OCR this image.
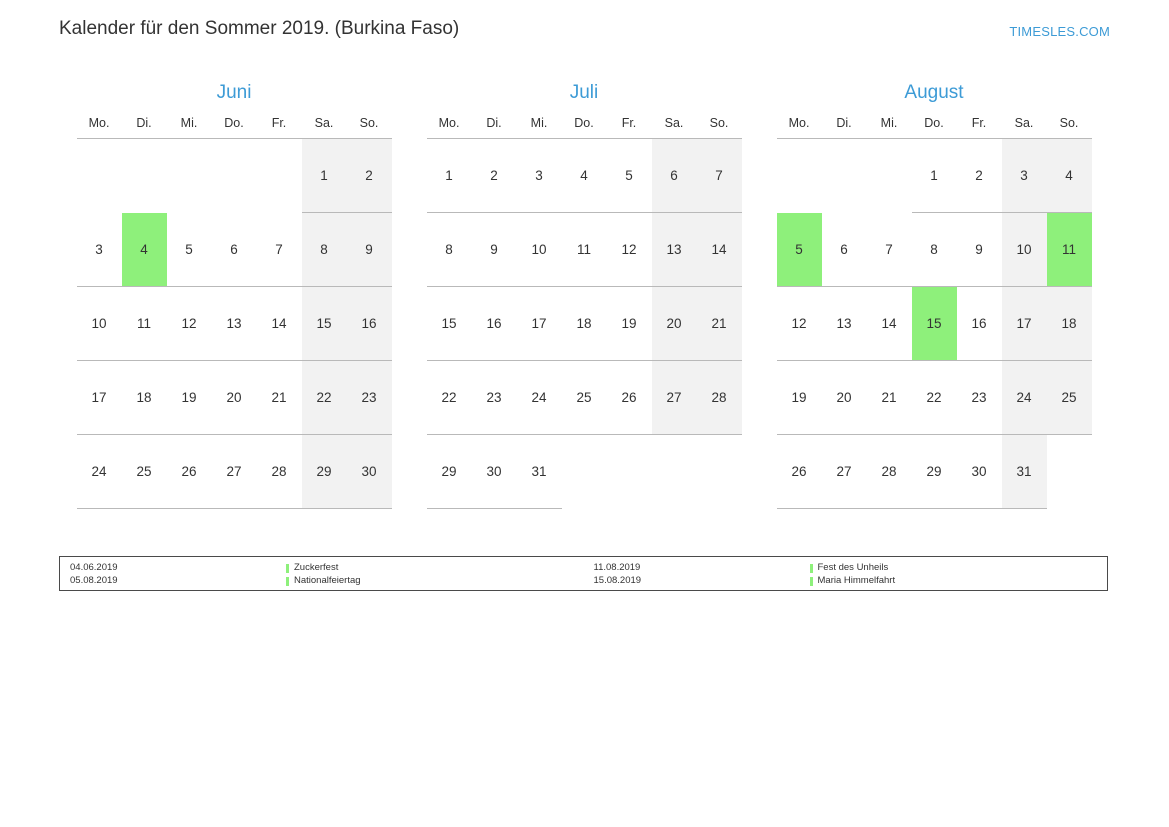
Kalender für den Sommer 2019. (Burkina Faso)	TIMESLES.COM
Juni
Mo.	Di.	Mi.	Do.	Fr.	Sa.	So.
					1	2
3	4	5	6	7	8	9
10	11	12	13	14	15	16
17	18	19	20	21	22	23
24	25	26	27	28	29	30
Juli
Mo.	Di.	Mi.	Do.	Fr.	Sa.	So.
1	2	3	4	5	6	7
8	9	10	11	12	13	14
15	16	17	18	19	20	21
22	23	24	25	26	27	28
29	30	31				
August
Mo.	Di.	Mi.	Do.	Fr.	Sa.	So.
			1	2	3	4
5	6	7	8	9	10	11
12	13	14	15	16	17	18
19	20	21	22	23	24	25
26	27	28	29	30	31	
04.06.2019	Zuckerfest
05.08.2019	Nationalfeiertag
11.08.2019	Fest des Unheils
15.08.2019	Maria Himmelfahrt
